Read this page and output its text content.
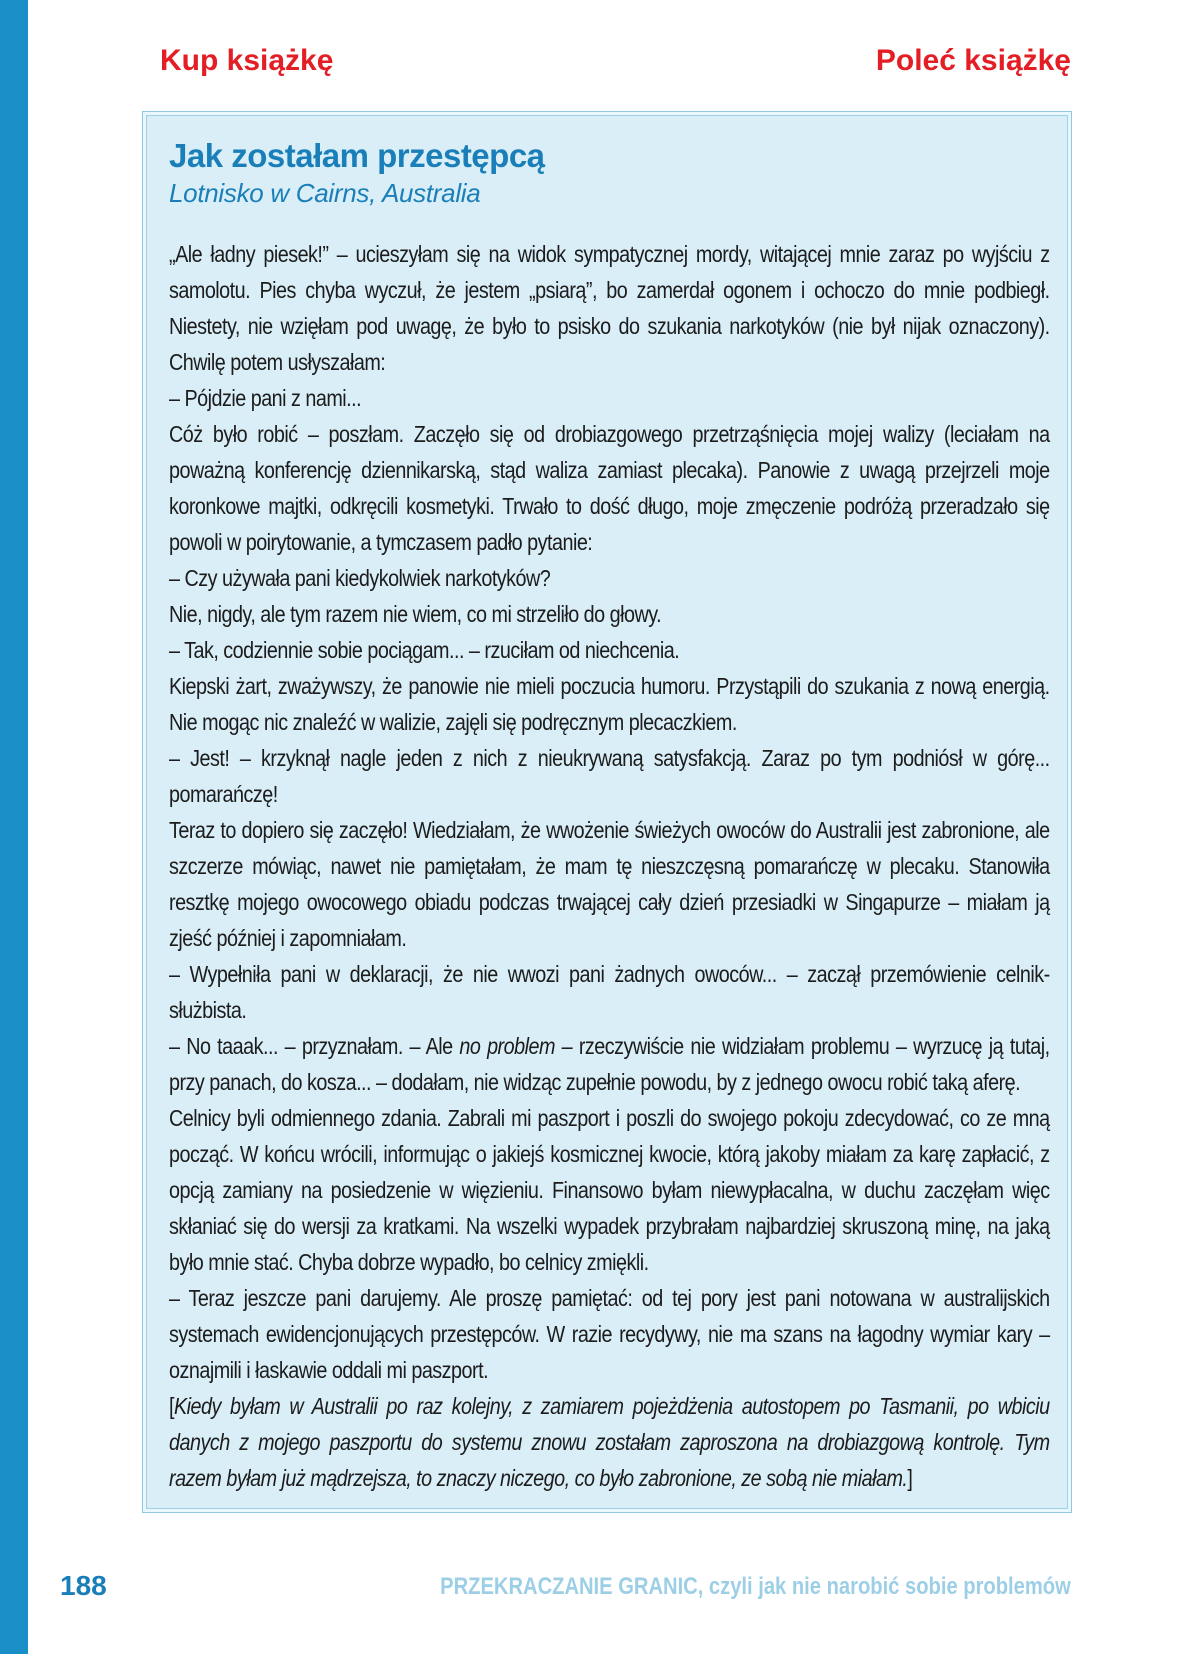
Kup książkę	Poleć książkę
Jak zostałam przestępcą

Lotnisko w Cairns, Australia

„Ale ładny piesek!” – ucieszyłam się na widok sympatycznej mordy, witającej mnie zaraz po wyjściu z samolotu. Pies chyba wyczuł, że jestem „psiarą”, bo zamerdał ogonem i ochoczo do mnie podbiegł. Niestety, nie wzięłam pod uwagę, że było to psisko do szukania narkotyków (nie był nijak oznaczony). Chwilę potem usłyszałam:

– Pójdzie pani z nami...

Cóż było robić – poszłam. Zaczęło się od drobiazgowego przetrząśnięcia mojej walizy (leciałam na poważną konferencję dziennikarską, stąd waliza zamiast plecaka). Panowie z uwagą przejrzeli moje koronkowe majtki, odkręcili kosmetyki. Trwało to dość długo, moje zmęczenie podróżą przeradzało się powoli w poirytowanie, a tymczasem padło pytanie:

– Czy używała pani kiedykolwiek narkotyków?

Nie, nigdy, ale tym razem nie wiem, co mi strzeliło do głowy.

– Tak, codziennie sobie pociągam... – rzuciłam od niechcenia.

Kiepski żart, zważywszy, że panowie nie mieli poczucia humoru. Przystąpili do szukania z nową energią. Nie mogąc nic znaleźć w walizie, zajęli się podręcznym plecaczkiem.

– Jest! – krzyknął nagle jeden z nich z nieukrywaną satysfakcją. Zaraz po tym podniósł w górę... pomarańczę!

Teraz to dopiero się zaczęło! Wiedziałam, że wwożenie świeżych owoców do Australii jest zabronione, ale szczerze mówiąc, nawet nie pamiętałam, że mam tę nieszczęsną pomarańczę w plecaku. Stanowiła resztkę mojego owocowego obiadu podczas trwającej cały dzień przesiadki w Singapurze – miałam ją zjeść później i zapomniałam.

– Wypełniła pani w deklaracji, że nie wwozi pani żadnych owoców... – zaczął przemówienie celnik-służbista.

– No taaak... – przyznałam. – Ale no problem – rzeczywiście nie widziałam problemu – wyrzucę ją tutaj, przy panach, do kosza... – dodałam, nie widząc zupełnie powodu, by z jednego owocu robić taką aferę.

Celnicy byli odmiennego zdania. Zabrali mi paszport i poszli do swojego pokoju zdecydować, co ze mną począć. W końcu wrócili, informując o jakiejś kosmicznej kwocie, którą jakoby miałam za karę zapłacić, z opcją zamiany na posiedzenie w więzieniu. Finansowo byłam niewypłacalna, w duchu zaczęłam więc skłaniać się do wersji za kratkami. Na wszelki wypadek przybrałam najbardziej skruszoną minę, na jaką było mnie stać. Chyba dobrze wypadło, bo celnicy zmiękli.

– Teraz jeszcze pani darujemy. Ale proszę pamiętać: od tej pory jest pani notowana w australijskich systemach ewidencjonujących przestępców. W razie recydywy, nie ma szans na łagodny wymiar kary – oznajmili i łaskawie oddali mi paszport.

[Kiedy byłam w Australii po raz kolejny, z zamiarem pojeżdżenia autostopem po Tasmanii, po wbiciu danych z mojego paszportu do systemu znowu zostałam zaproszona na drobiazgową kontrolę. Tym razem byłam już mądrzejsza, to znaczy niczego, co było zabronione, ze sobą nie miałam.]

188	PRZEKRACZANIE GRANIC, czyli jak nie narobić sobie problemów
